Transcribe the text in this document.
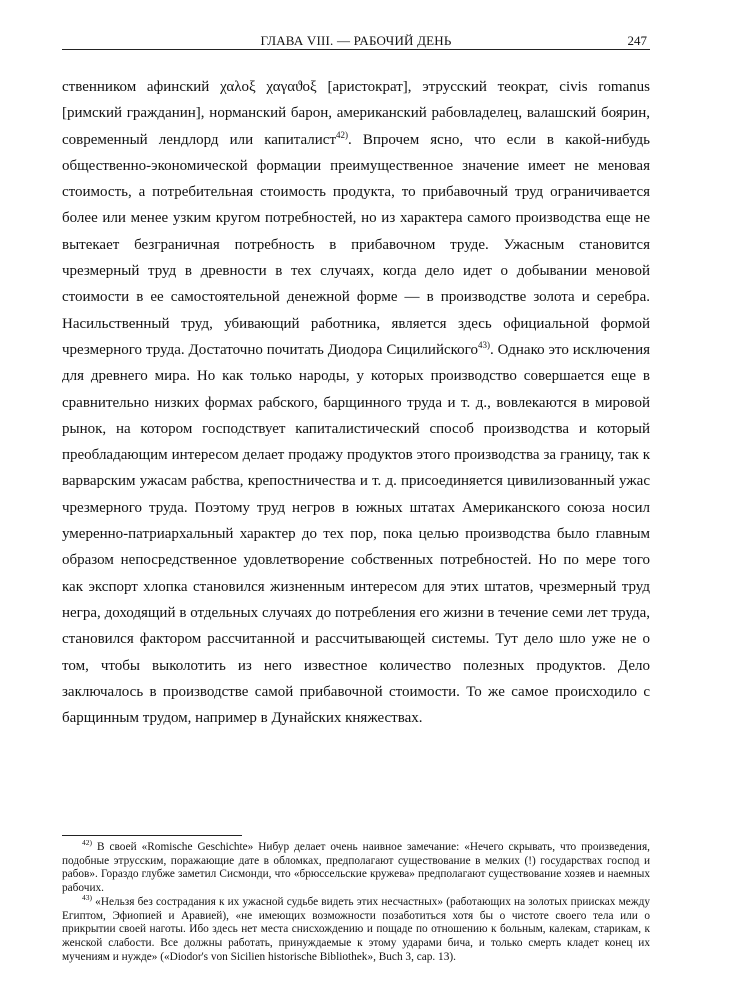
ГЛАВА VIII. — РАБОЧИЙ ДЕНЬ	247

ственником афинский χαλοξ χαγαϑοξ [аристократ], этрусский теократ, civis romanus [римский гражданин], норманский барон, американский рабовладелец, валашский боярин, современный лендлорд или капиталист$^{42)}$. Впрочем ясно, что если в какой-нибудь общественно-экономической формации преимущественное значение имеет не меновая стоимость, а потребительная стоимость продукта, то прибавочный труд ограничивается более или менее узким кругом потребностей, но из характера самого производства еще не вытекает безграничная потребность в прибавочном труде. Ужасным становится чрезмерный труд в древности в тех случаях, когда дело идет о добывании меновой стоимости в ее самостоятельной денежной форме — в производстве золота и серебра. Насильственный труд, убивающий работника, является здесь официальной формой чрезмерного труда. Достаточно почитать Диодора Сицилийского$^{43)}$. Однако это исключения для древнего мира. Но как только народы, у которых производство совершается еще в сравнительно низких формах рабского, барщинного труда и т. д., вовлекаются в мировой рынок, на котором господствует капиталистический способ производства и который преобладающим интересом делает продажу продуктов этого производства за границу, так к варварским ужасам рабства, крепостничества и т. д. присоединяется цивилизованный ужас чрезмерного труда. Поэтому труд негров в южных штатах Американского союза носил умеренно-патриархальный характер до тех пор, пока целью производства было главным образом непосредственное удовлетворение собственных потребностей. Но по мере того как экспорт хлопка становился жизненным интересом для этих штатов, чрезмерный труд негра, доходящий в отдельных случаях до потребления его жизни в течение семи лет труда, становился фактором рассчитанной и рассчитывающей системы. Тут дело шло уже не о том, чтобы выколотить из него известное количество полезных продуктов. Дело заключалось в производстве самой прибавочной стоимости. То же самое происходило с барщинным трудом, например в Дунайских княжествах.

$^{42)}$ В своей «Romische Geschichte» Нибур делает очень наивное замечание: «Нечего скрывать, что произведения, подобные этрусским, поражающие дате в обломках, предполагают существование в мелких (!) государствах господ и рабов». Гораздо глубже заметил Сисмонди, что «брюссельские кружева» предполагают существование хозяев и наемных рабочих.

$^{43)}$ «Нельзя без сострадания к их ужасной судьбе видеть этих несчастных» (работающих на золотых приисках между Египтом, Эфиопией и Аравией), «не имеющих возможности позаботиться хотя бы о чистоте своего тела или о прикрытии своей наготы. Ибо здесь нет места снисхождению и пощаде по отношению к больным, калекам, старикам, к женской слабости. Все должны работать, принуждаемые к этому ударами бича, и только смерть кладет конец их мучениям и нужде» («Diodor's von Sicilien historische Bibliothek», Buch 3, cap. 13).
